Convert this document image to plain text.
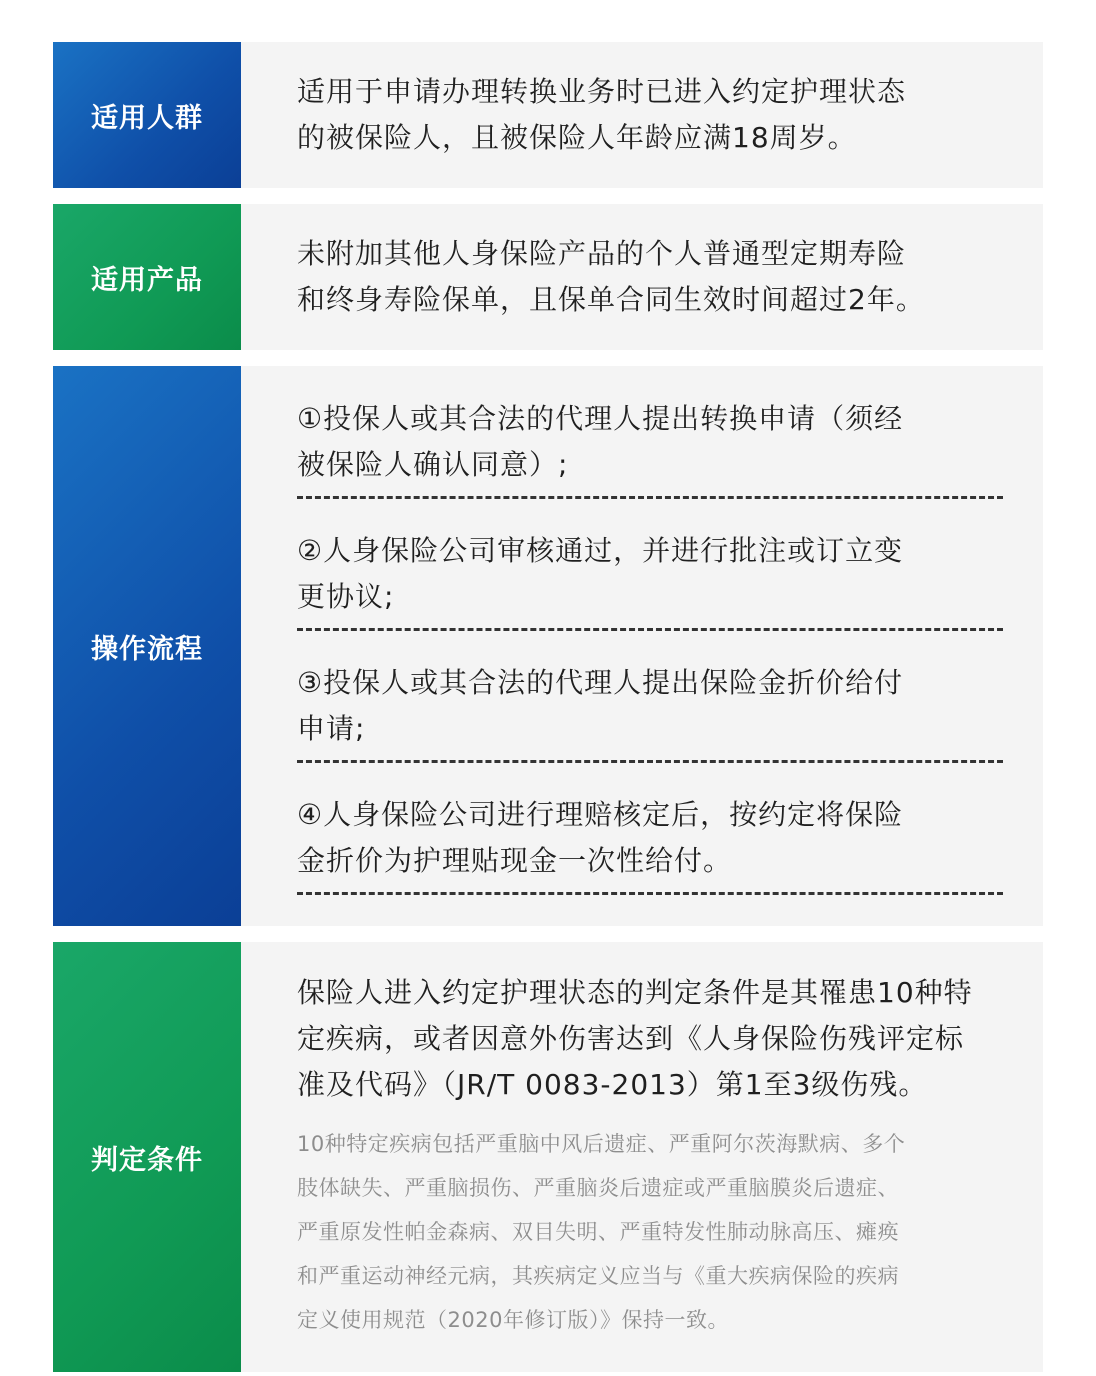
适用人群
适用于申请办理转换业务时已进入约定护理状态
的被保险人，且被保险人年龄应满18周岁。
适用产品
未附加其他人身保险产品的个人普通型定期寿险
和终身寿险保单，且保单合同生效时间超过2年。
操作流程
①投保人或其合法的代理人提出转换申请（须经
被保险人确认同意）;
②人身保险公司审核通过，并进行批注或订立变
更协议;
③投保人或其合法的代理人提出保险金折价给付
申请;
④人身保险公司进行理赔核定后，按约定将保险
金折价为护理贴现金一次性给付。
判定条件
保险人进入约定护理状态的判定条件是其罹患10种特
定疾病，或者因意外伤害达到《人身保险伤残评定标
准及代码》（JR/T 0083-2013）第1至3级伤残。
10种特定疾病包括严重脑中风后遗症、严重阿尔茨海默病、多个
肢体缺失、严重脑损伤、严重脑炎后遗症或严重脑膜炎后遗症、
严重原发性帕金森病、双目失明、严重特发性肺动脉高压、瘫痪
和严重运动神经元病，其疾病定义应当与《重大疾病保险的疾病
定义使用规范（2020年修订版）》保持一致。
